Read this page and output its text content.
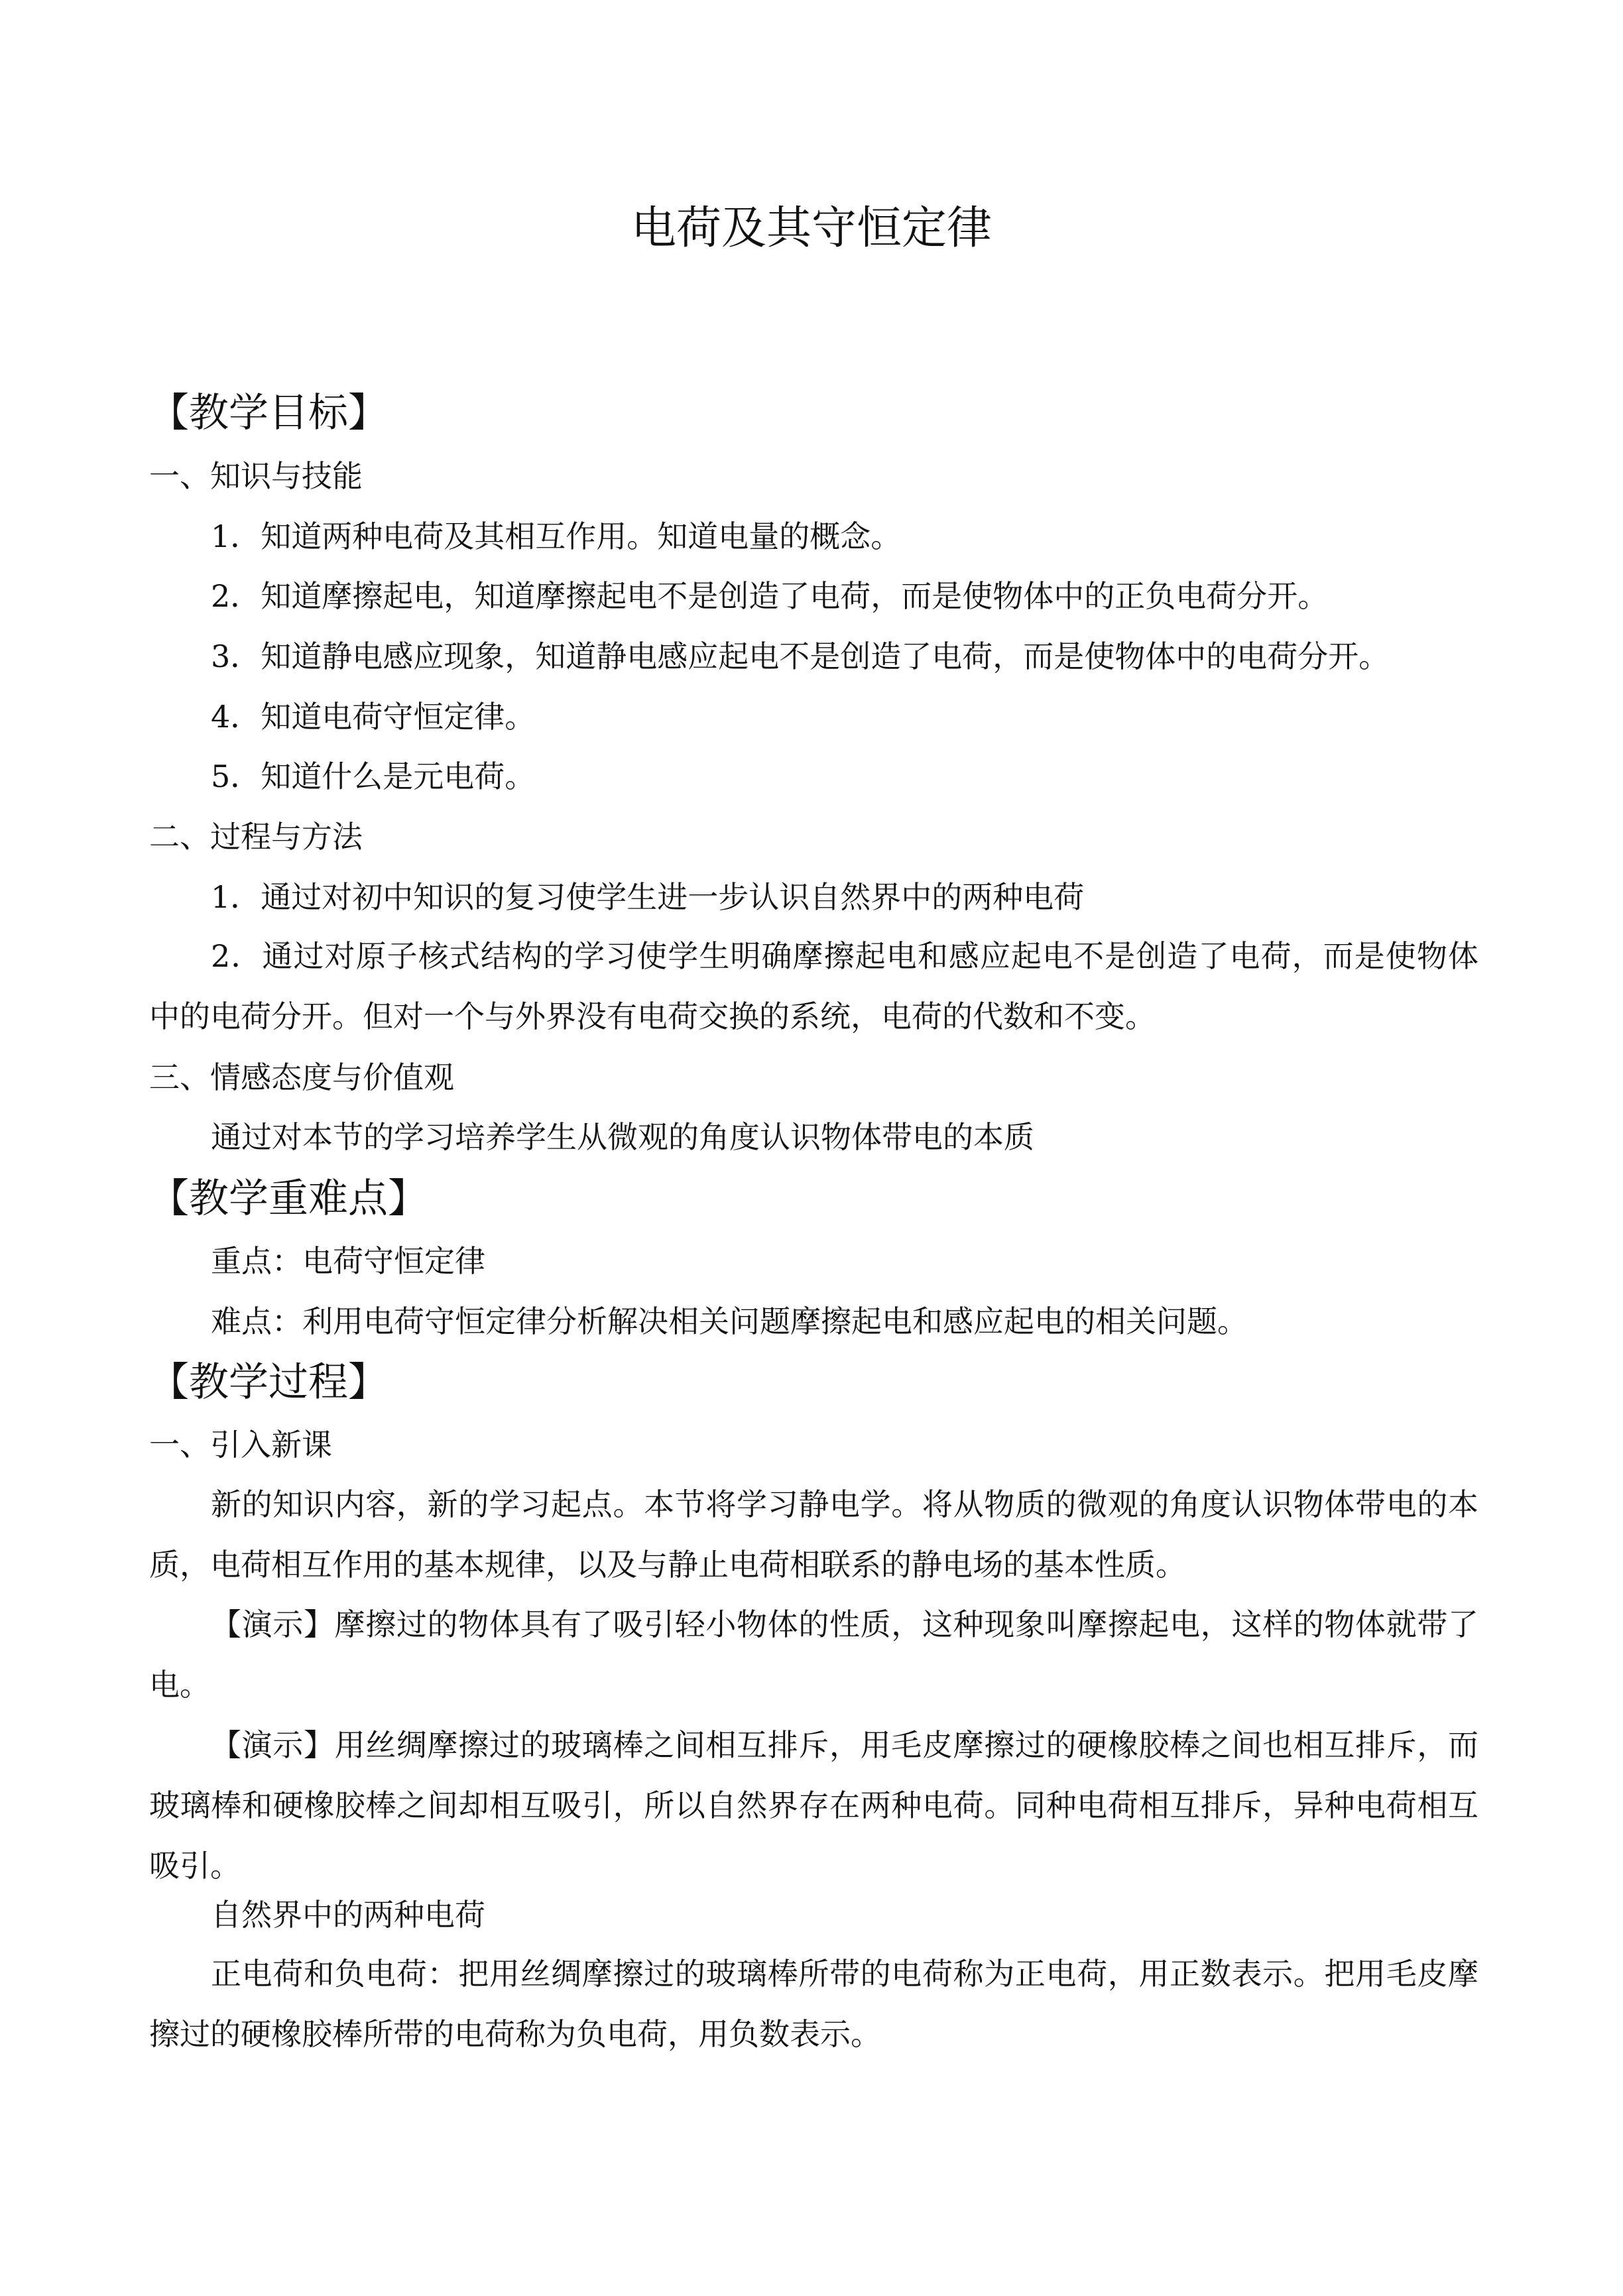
电荷及其守恒定律
【教学目标】
一、知识与技能
1．知道两种电荷及其相互作用。知道电量的概念。
2．知道摩擦起电，知道摩擦起电不是创造了电荷，而是使物体中的正负电荷分开。
3．知道静电感应现象，知道静电感应起电不是创造了电荷，而是使物体中的电荷分开。
4．知道电荷守恒定律。
5．知道什么是元电荷。
二、过程与方法
1．通过对初中知识的复习使学生进一步认识自然界中的两种电荷
2．通过对原子核式结构的学习使学生明确摩擦起电和感应起电不是创造了电荷，而是使物体中的电荷分开。但对一个与外界没有电荷交换的系统，电荷的代数和不变。
三、情感态度与价值观
通过对本节的学习培养学生从微观的角度认识物体带电的本质
【教学重难点】
重点：电荷守恒定律
难点：利用电荷守恒定律分析解决相关问题摩擦起电和感应起电的相关问题。
【教学过程】
一、引入新课
新的知识内容，新的学习起点。本节将学习静电学。将从物质的微观的角度认识物体带电的本质，电荷相互作用的基本规律，以及与静止电荷相联系的静电场的基本性质。
【演示】摩擦过的物体具有了吸引轻小物体的性质，这种现象叫摩擦起电，这样的物体就带了电。
【演示】用丝绸摩擦过的玻璃棒之间相互排斥，用毛皮摩擦过的硬橡胶棒之间也相互排斥，而玻璃棒和硬橡胶棒之间却相互吸引，所以自然界存在两种电荷。同种电荷相互排斥，异种电荷相互吸引。
自然界中的两种电荷
正电荷和负电荷：把用丝绸摩擦过的玻璃棒所带的电荷称为正电荷，用正数表示。把用毛皮摩擦过的硬橡胶棒所带的电荷称为负电荷，用负数表示。
